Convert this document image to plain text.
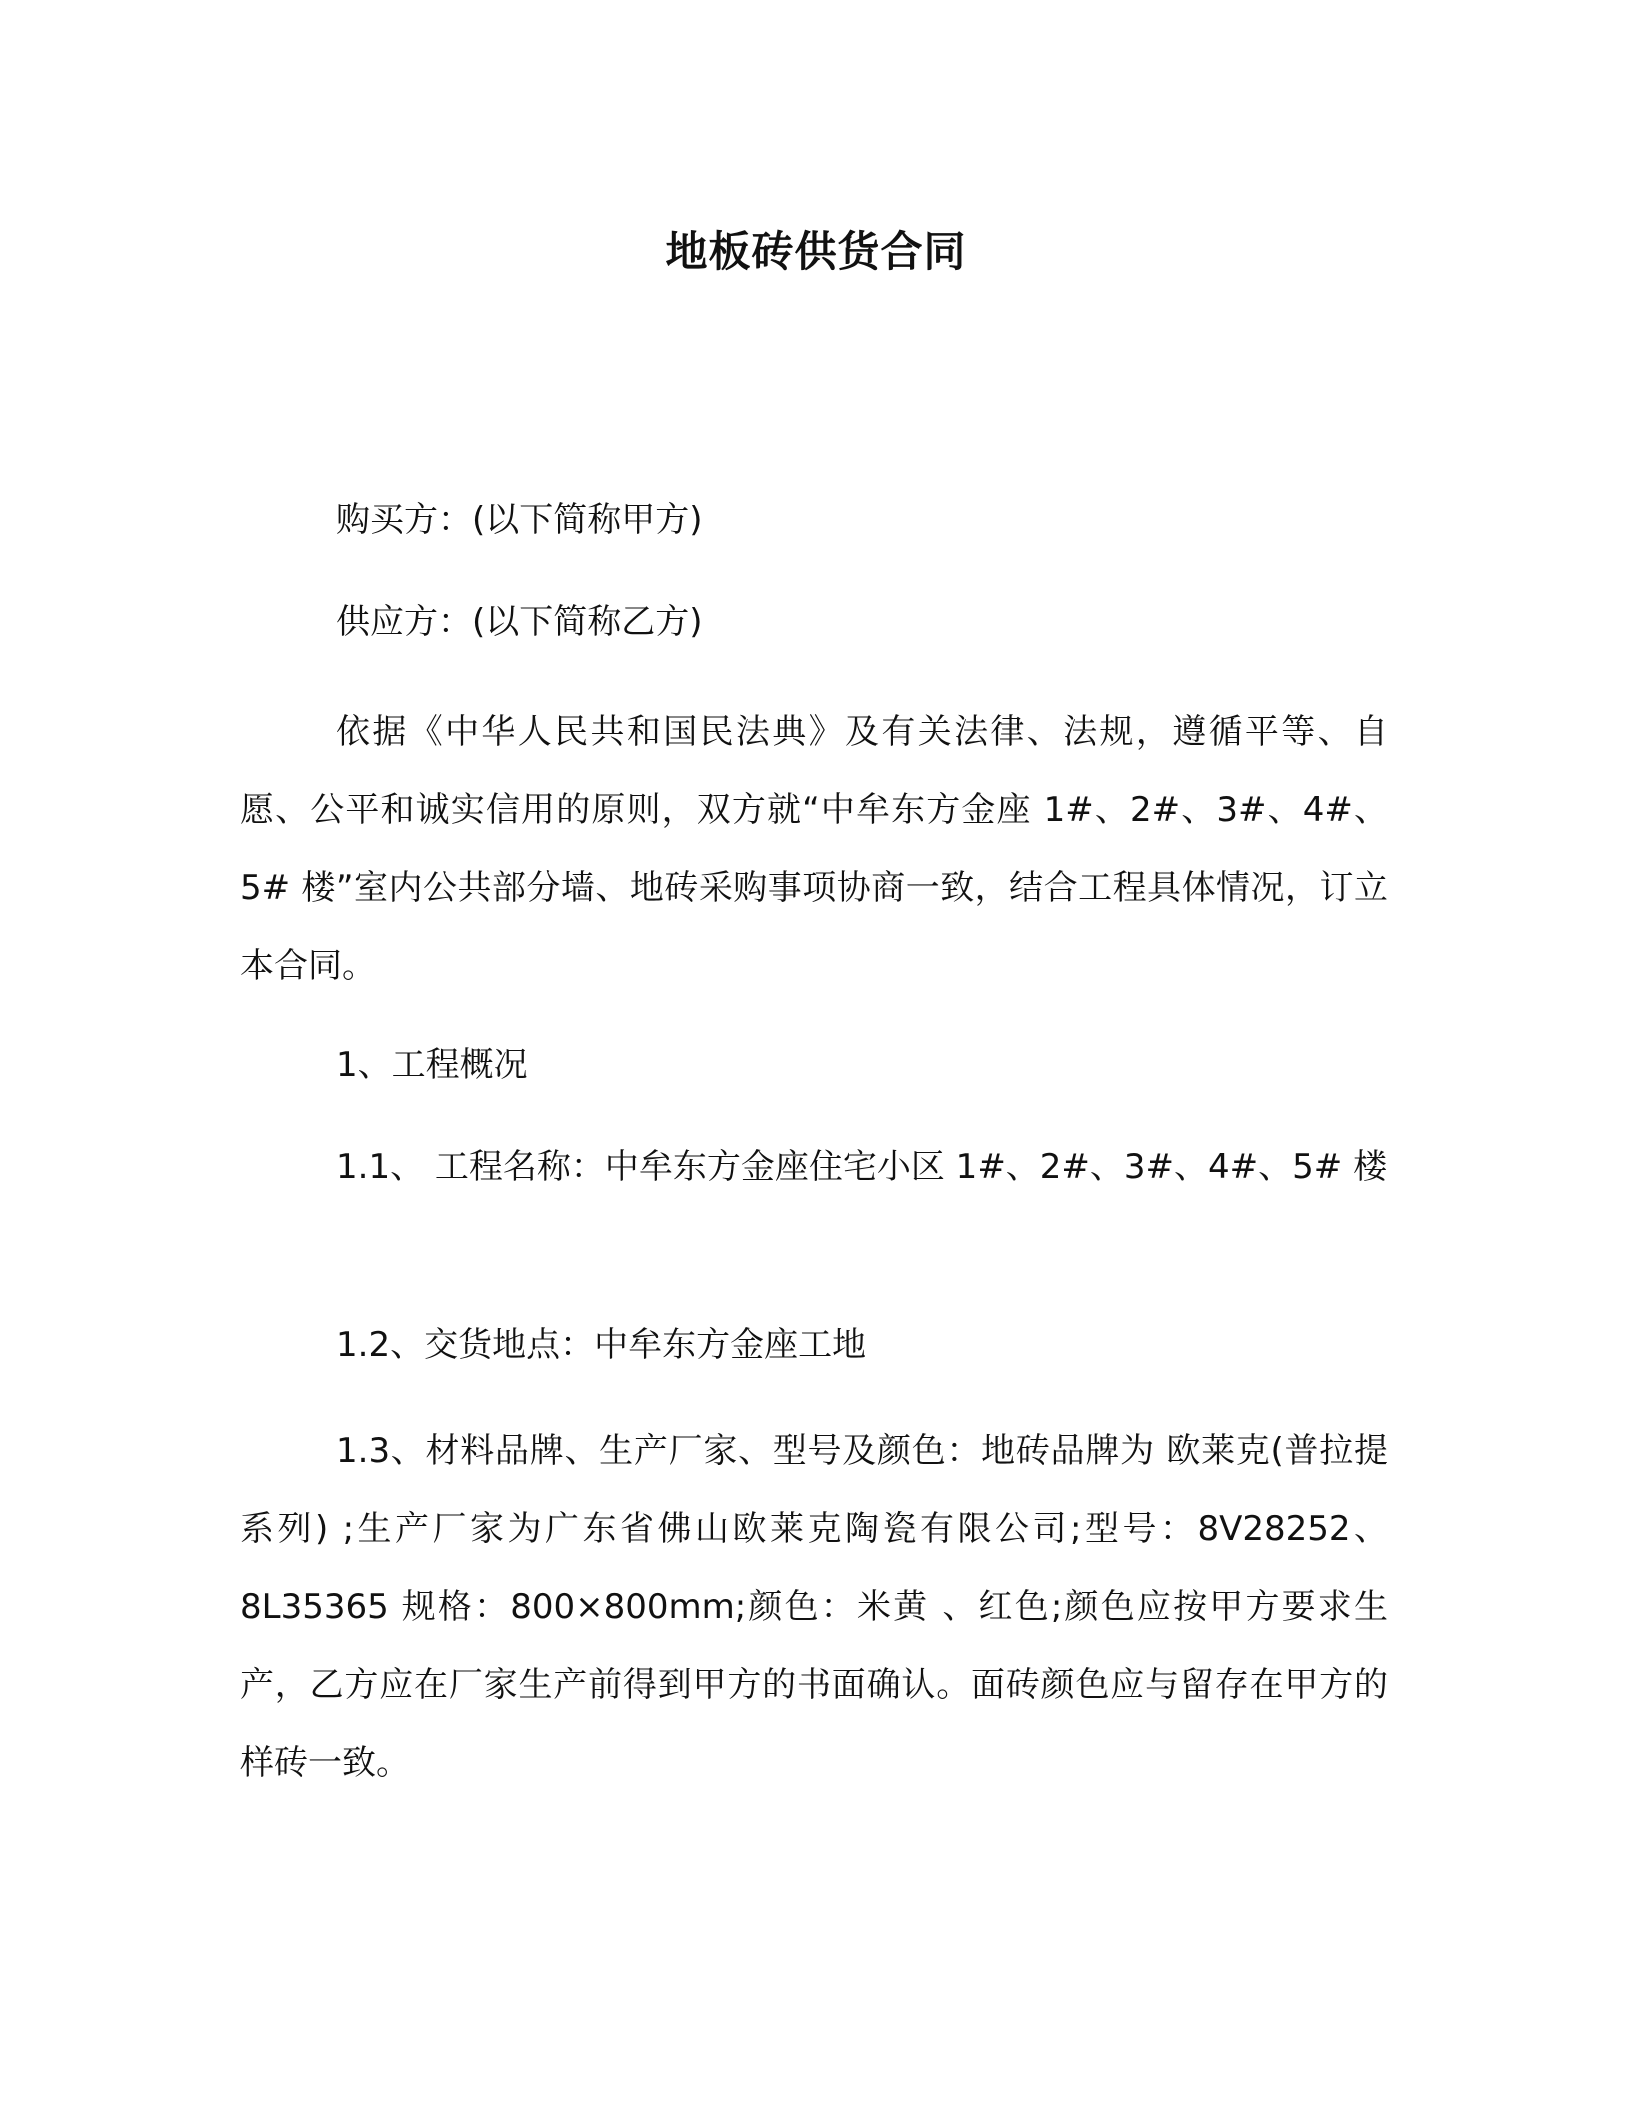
地板砖供货合同

购买方：(以下简称甲方)

供应方：(以下简称乙方)

依据《中华人民共和国民法典》及有关法律、法规，遵循平等、自愿、公平和诚实信用的原则，双方就“中牟东方金座 1#、2#、3#、4#、5# 楼”室内公共部分墙、地砖采购事项协商一致，结合工程具体情况，订立本合同。

1、工程概况

1.1、 工程名称：中牟东方金座住宅小区 1#、2#、3#、4#、5# 楼

1.2、交货地点：中牟东方金座工地

1.3、材料品牌、生产厂家、型号及颜色：地砖品牌为 欧莱克(普拉提系列) ;生产厂家为广东省佛山欧莱克陶瓷有限公司;型号：8V28252、8L35365 规格：800×800mm;颜色：米黄 、红色;颜色应按甲方要求生产，乙方应在厂家生产前得到甲方的书面确认。面砖颜色应与留存在甲方的样砖一致。
